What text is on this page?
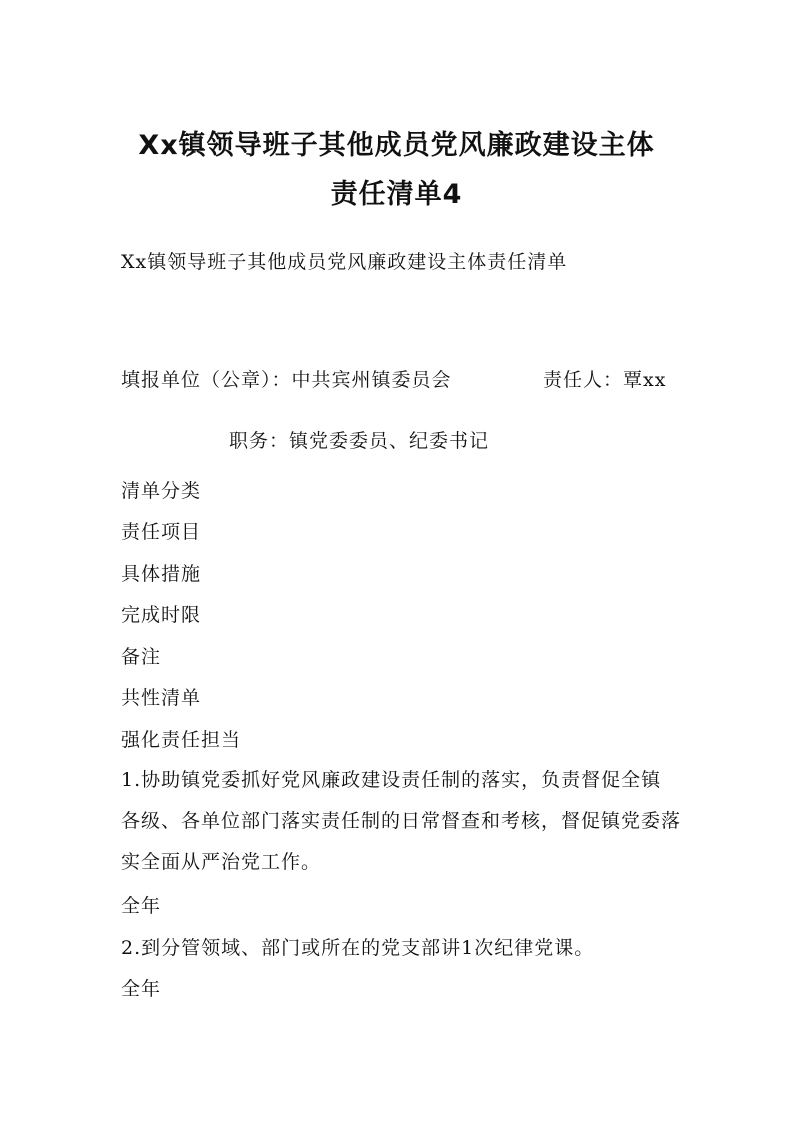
Xx镇领导班子其他成员党风廉政建设主体
责任清单4

Xx镇领导班子其他成员党风廉政建设主体责任清单

填报单位（公章）：中共宾州镇委员会	责任人：覃xx

职务：镇党委委员、纪委书记

清单分类

责任项目

具体措施

完成时限

备注

共性清单

强化责任担当

1.协助镇党委抓好党风廉政建设责任制的落实，负责督促全镇各级、各单位部门落实责任制的日常督查和考核，督促镇党委落实全面从严治党工作。

全年

2.到分管领域、部门或所在的党支部讲1次纪律党课。

全年
